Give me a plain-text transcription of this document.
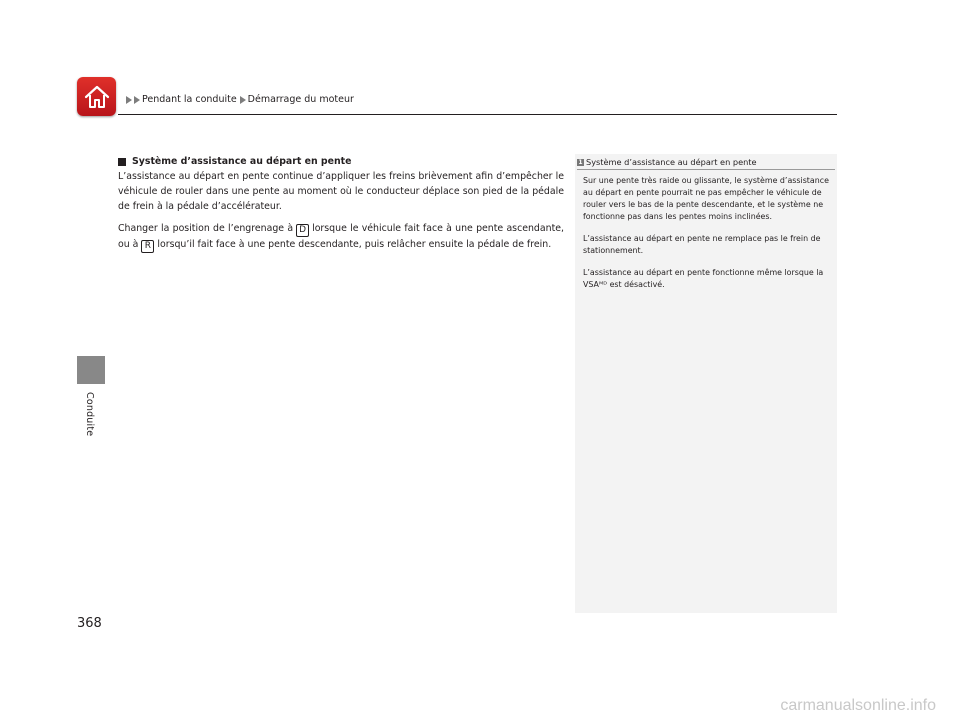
Pendant la conduite Démarrage du moteur
Conduite
Système d’assistance au départ en pente

L’assistance au départ en pente continue d’appliquer les freins brièvement afin d’empêcher le véhicule de rouler dans une pente au moment où le conducteur déplace son pied de la pédale de frein à la pédale d’accélérateur.

Changer la position de l’engrenage à D lorsque le véhicule fait face à une pente ascendante, ou à R lorsqu’il fait face à une pente descendante, puis relâcher ensuite la pédale de frein.

1 Système d’assistance au départ en pente

Sur une pente très raide ou glissante, le système d’assistance au départ en pente pourrait ne pas empêcher le véhicule de rouler vers le bas de la pente descendante, et le système ne fonctionne pas dans les pentes moins inclinées.

L’assistance au départ en pente ne remplace pas le frein de stationnement.

L’assistance au départ en pente fonctionne même lorsque la VSAᴹᴰ est désactivé.

368
carmanualsonline.info
